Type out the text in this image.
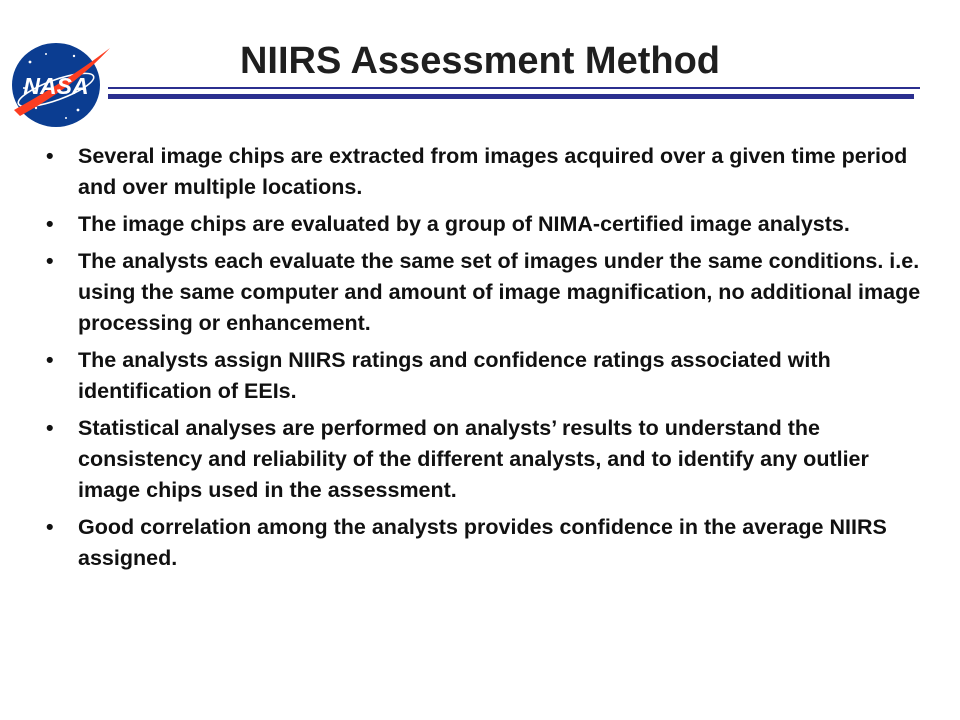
NASA
NIIRS Assessment Method
• Several image chips are extracted from images acquired over a given time period and over multiple locations.
• The image chips are evaluated by a group of NIMA-certified image analysts.
• The analysts each evaluate the same set of images under the same conditions. i.e. using the same computer and amount of image magnification, no additional image processing or enhancement.
• The analysts assign NIIRS ratings and confidence ratings associated with identification of EEIs.
• Statistical analyses are performed on analysts’ results to understand the consistency and reliability of the different analysts, and to identify any outlier image chips used in the assessment.
• Good correlation among the analysts provides confidence in the average NIIRS assigned.
